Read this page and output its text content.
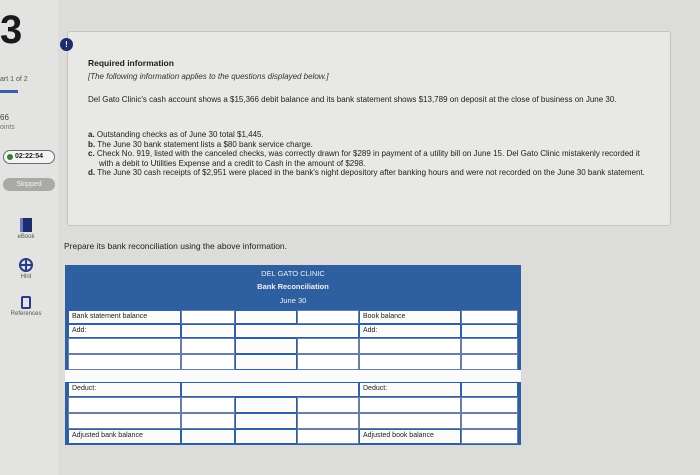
3
art 1 of 2
66
oints
02:22:54
Skipped
eBook
Hint
References
Required information
[The following information applies to the questions displayed below.]
Del Gato Clinic's cash account shows a $15,366 debit balance and its bank statement shows $13,789 on deposit at the close of business on June 30.
a. Outstanding checks as of June 30 total $1,445.
b. The June 30 bank statement lists a $80 bank service charge.
c. Check No. 919, listed with the canceled checks, was correctly drawn for $289 in payment of a utility bill on June 15. Del Gato Clinic mistakenly recorded it with a debit to Utilities Expense and a credit to Cash in the amount of $298.
d. The June 30 cash receipts of $2,951 were placed in the bank's night depository after banking hours and were not recorded on the June 30 bank statement.
!
Prepare its bank reconciliation using the above information.
DEL GATO CLINIC
Bank Reconciliation
June 30
Bank statement balance	Book balance
Add:	Add:
Deduct:	Deduct:
Adjusted bank balance	Adjusted book balance
